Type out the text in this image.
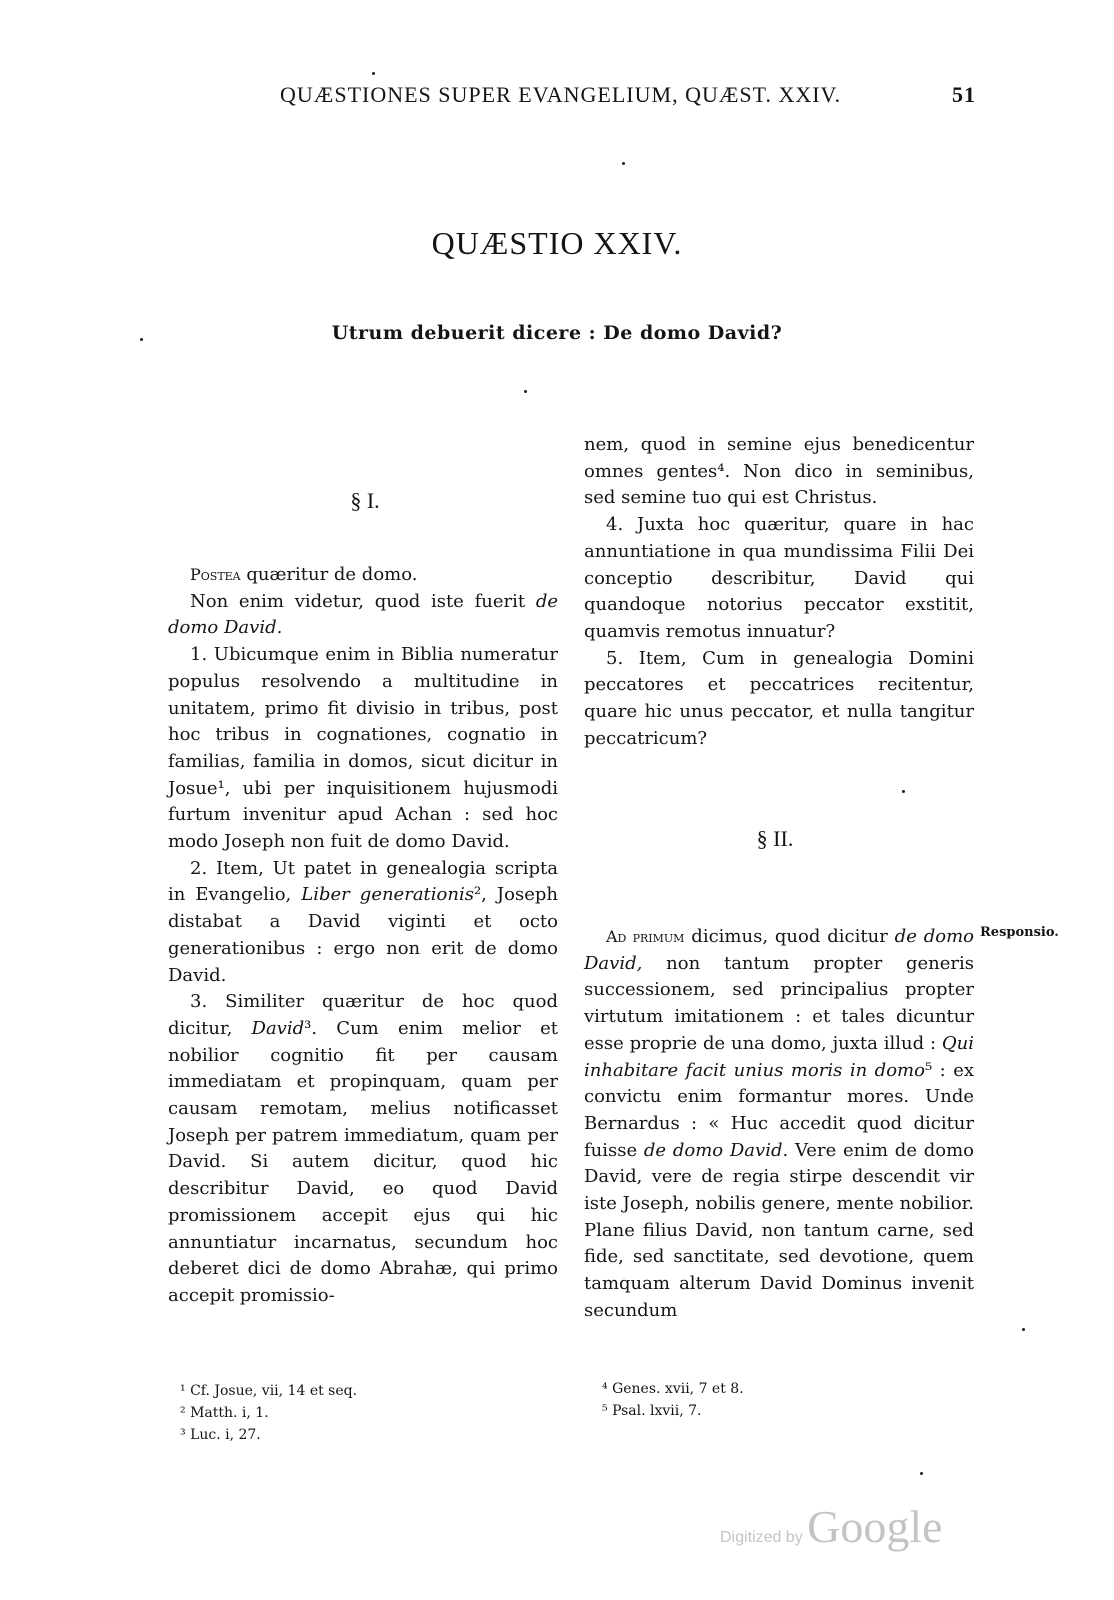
QUÆSTIONES SUPER EVANGELIUM, QUÆST. XXIV.	51
QUÆSTIO XXIV.
Utrum debuerit dicere : De domo David?
§ I.
§ II.

Postea quæritur de domo.

Non enim videtur, quod iste fuerit de domo David.

1. Ubicumque enim in Biblia numeratur populus resolvendo a multitudine in unitatem, primo fit divisio in tribus, post hoc tribus in cognationes, cognatio in familias, familia in domos, sicut dicitur in Josue¹, ubi per inquisitionem hujusmodi furtum invenitur apud Achan : sed hoc modo Joseph non fuit de domo David.

2. Item, Ut patet in genealogia scripta in Evangelio, Liber generationis², Joseph distabat a David viginti et octo generationibus : ergo non erit de domo David.

3. Similiter quæritur de hoc quod dicitur, David³. Cum enim melior et nobilior cognitio fit per causam immediatam et propinquam, quam per causam remotam, melius notificasset Joseph per patrem immediatum, quam per David. Si autem dicitur, quod hic describitur David, eo quod David promissionem accepit ejus qui hic annuntiatur incarnatus, secundum hoc deberet dici de domo Abrahæ, qui primo accepit promissio-

nem, quod in semine ejus benedicentur omnes gentes⁴. Non dico in seminibus, sed semine tuo qui est Christus.

4. Juxta hoc quæritur, quare in hac annuntiatione in qua mundissima Filii Dei conceptio describitur, David qui quandoque notorius peccator exstitit, quamvis remotus innuatur?

5. Item, Cum in genealogia Domini peccatores et peccatrices recitentur, quare hic unus peccator, et nulla tangitur peccatricum?

Ad primum dicimus, quod dicitur de domo David, non tantum propter generis successionem, sed principalius propter virtutum imitationem : et tales dicuntur esse proprie de una domo, juxta illud : Qui inhabitare facit unius moris in domo⁵ : ex convictu enim formantur mores. Unde Bernardus : « Huc accedit quod dicitur fuisse de domo David. Vere enim de domo David, vere de regia stirpe descendit vir iste Joseph, nobilis genere, mente nobilior. Plane filius David, non tantum carne, sed fide, sed sanctitate, sed devotione, quem tamquam alterum David Dominus invenit secundum

Responsio.
¹ Cf. Josue, vii, 14 et seq.
² Matth. i, 1.
³ Luc. i, 27.
⁴ Genes. xvii, 7 et 8.
⁵ Psal. lxvii, 7.
Digitized by Google
